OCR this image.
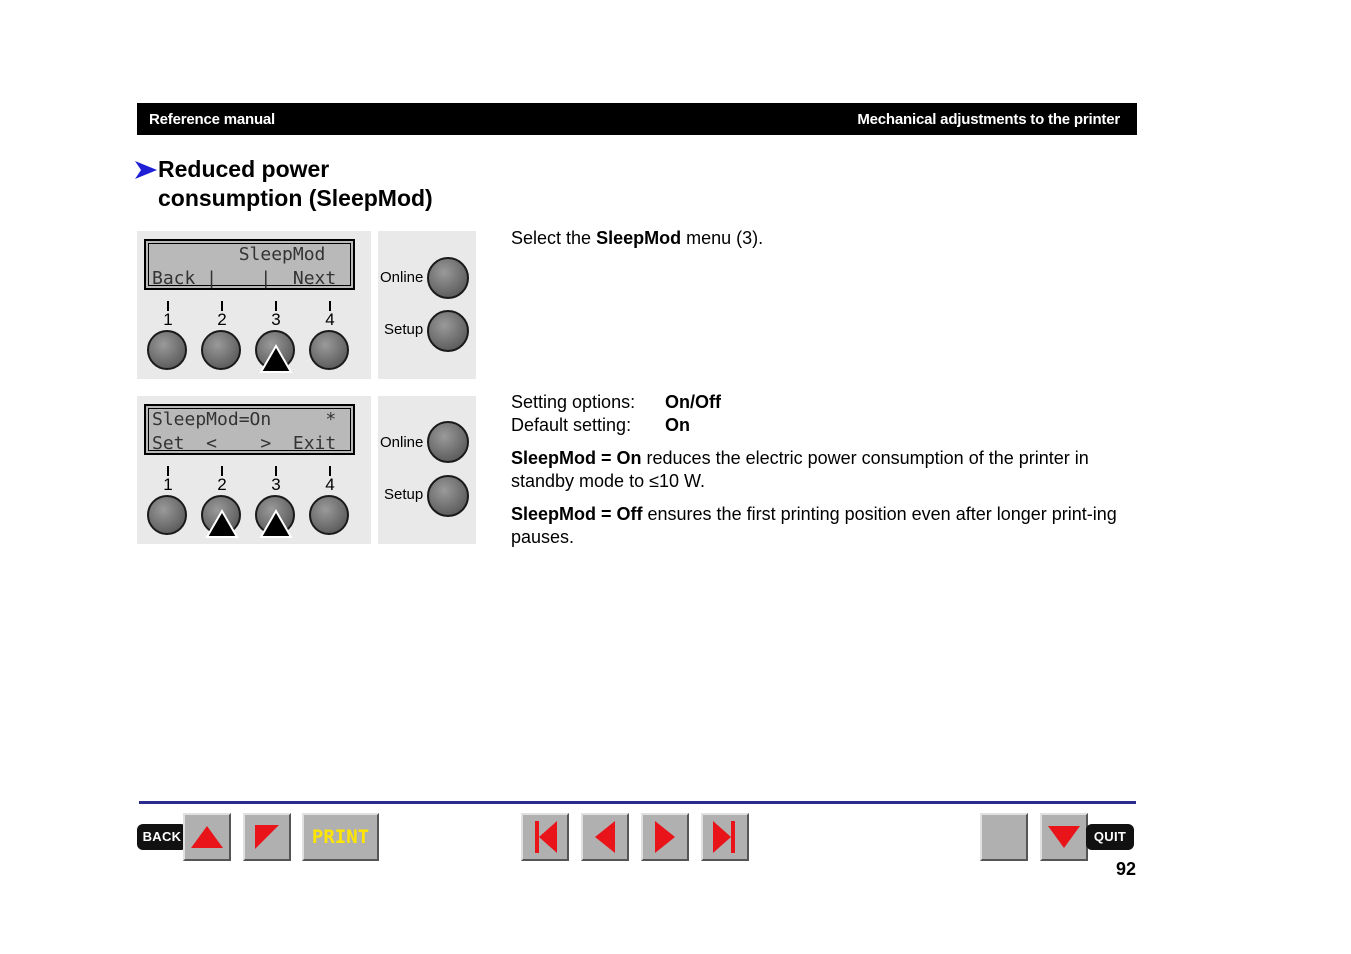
Reference manual	Mechanical adjustments to the printer
Reduced power
consumption (SleepMod)
SleepMod
Back |    |  Next
1	2	3	4
Online
Setup
SleepMod=On     *
Set  <    >  Exit
1	2	3	4
Online
Setup
Select the SleepMod menu (3).
Setting options: On/Off
Default setting: On
SleepMod = On reduces the electric power consumption of the printer in standby mode to ≤10 W.
SleepMod = Off ensures the first printing position even after longer print-ing pauses.
BACK	PRINT	QUIT
92
